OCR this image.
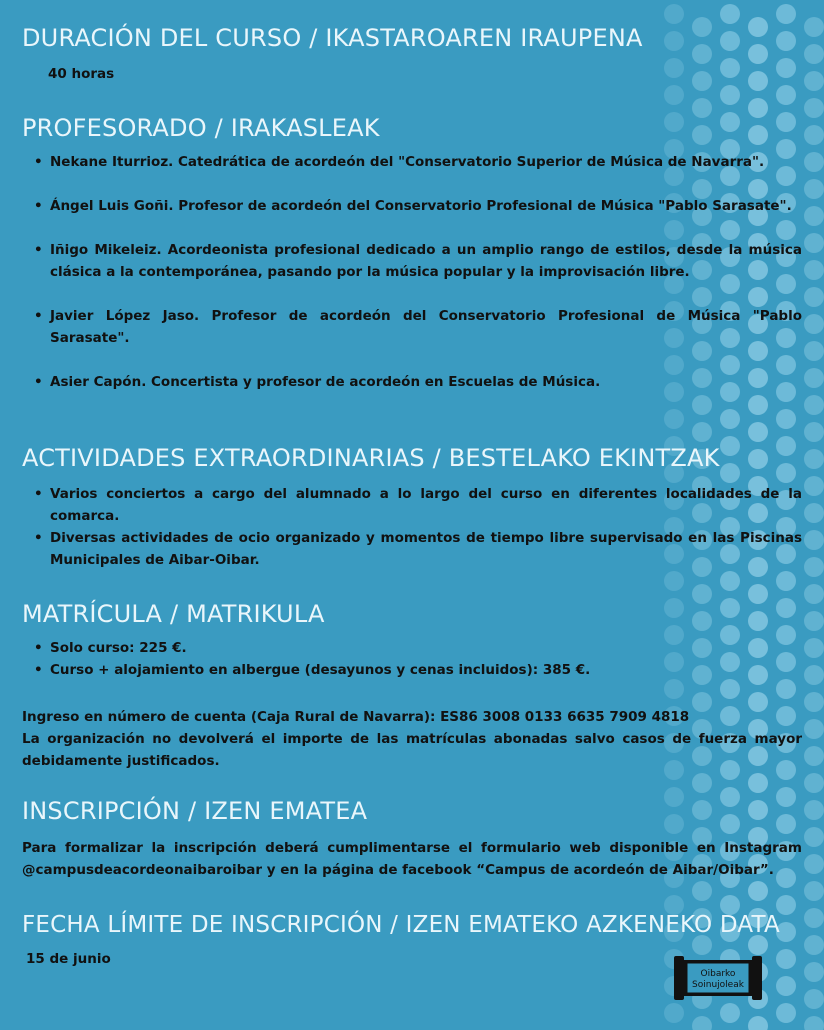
DURACIÓN DEL CURSO / IKASTAROAREN IRAUPENA

40 horas

PROFESORADO / IRAKASLEAK
• Nekane Iturrioz. Catedrática de acordeón del "Conservatorio Superior de Música de Navarra".
• Ángel Luis Goñi. Profesor de acordeón del Conservatorio Profesional de Música "Pablo Sarasate".
• Iñigo Mikeleiz. Acordeonista profesional dedicado a un amplio rango de estilos, desde la música clásica a la contemporánea, pasando por la música popular y la improvisación libre.
• Javier López Jaso. Profesor de acordeón del Conservatorio Profesional de Música "Pablo Sarasate".
• Asier Capón. Concertista y profesor de acordeón en Escuelas de Música.
ACTIVIDADES EXTRAORDINARIAS / BESTELAKO EKINTZAK
• Varios conciertos a cargo del alumnado a lo largo del curso en diferentes localidades de la comarca.
• Diversas actividades de ocio organizado y momentos de tiempo libre supervisado en las Piscinas Municipales de Aibar-Oibar.
MATRÍCULA / MATRIKULA
• Solo curso: 225 €.
• Curso + alojamiento en albergue (desayunos y cenas incluidos): 385 €.

Ingreso en número de cuenta (Caja Rural de Navarra): ES86 3008 0133 6635 7909 4818

La organización no devolverá el importe de las matrículas abonadas salvo casos de fuerza mayor debidamente justificados.

INSCRIPCIÓN / IZEN EMATEA

Para formalizar la inscripción deberá cumplimentarse el formulario web disponible en Instagram @campusdeacordeonaibaroibar y en la página de facebook “Campus de acordeón de Aibar/Oibar”.

FECHA LÍMITE DE INSCRIPCIÓN / IZEN EMATEKO AZKENEKO DATA

15 de junio

Oibarko
Soinujoleak
